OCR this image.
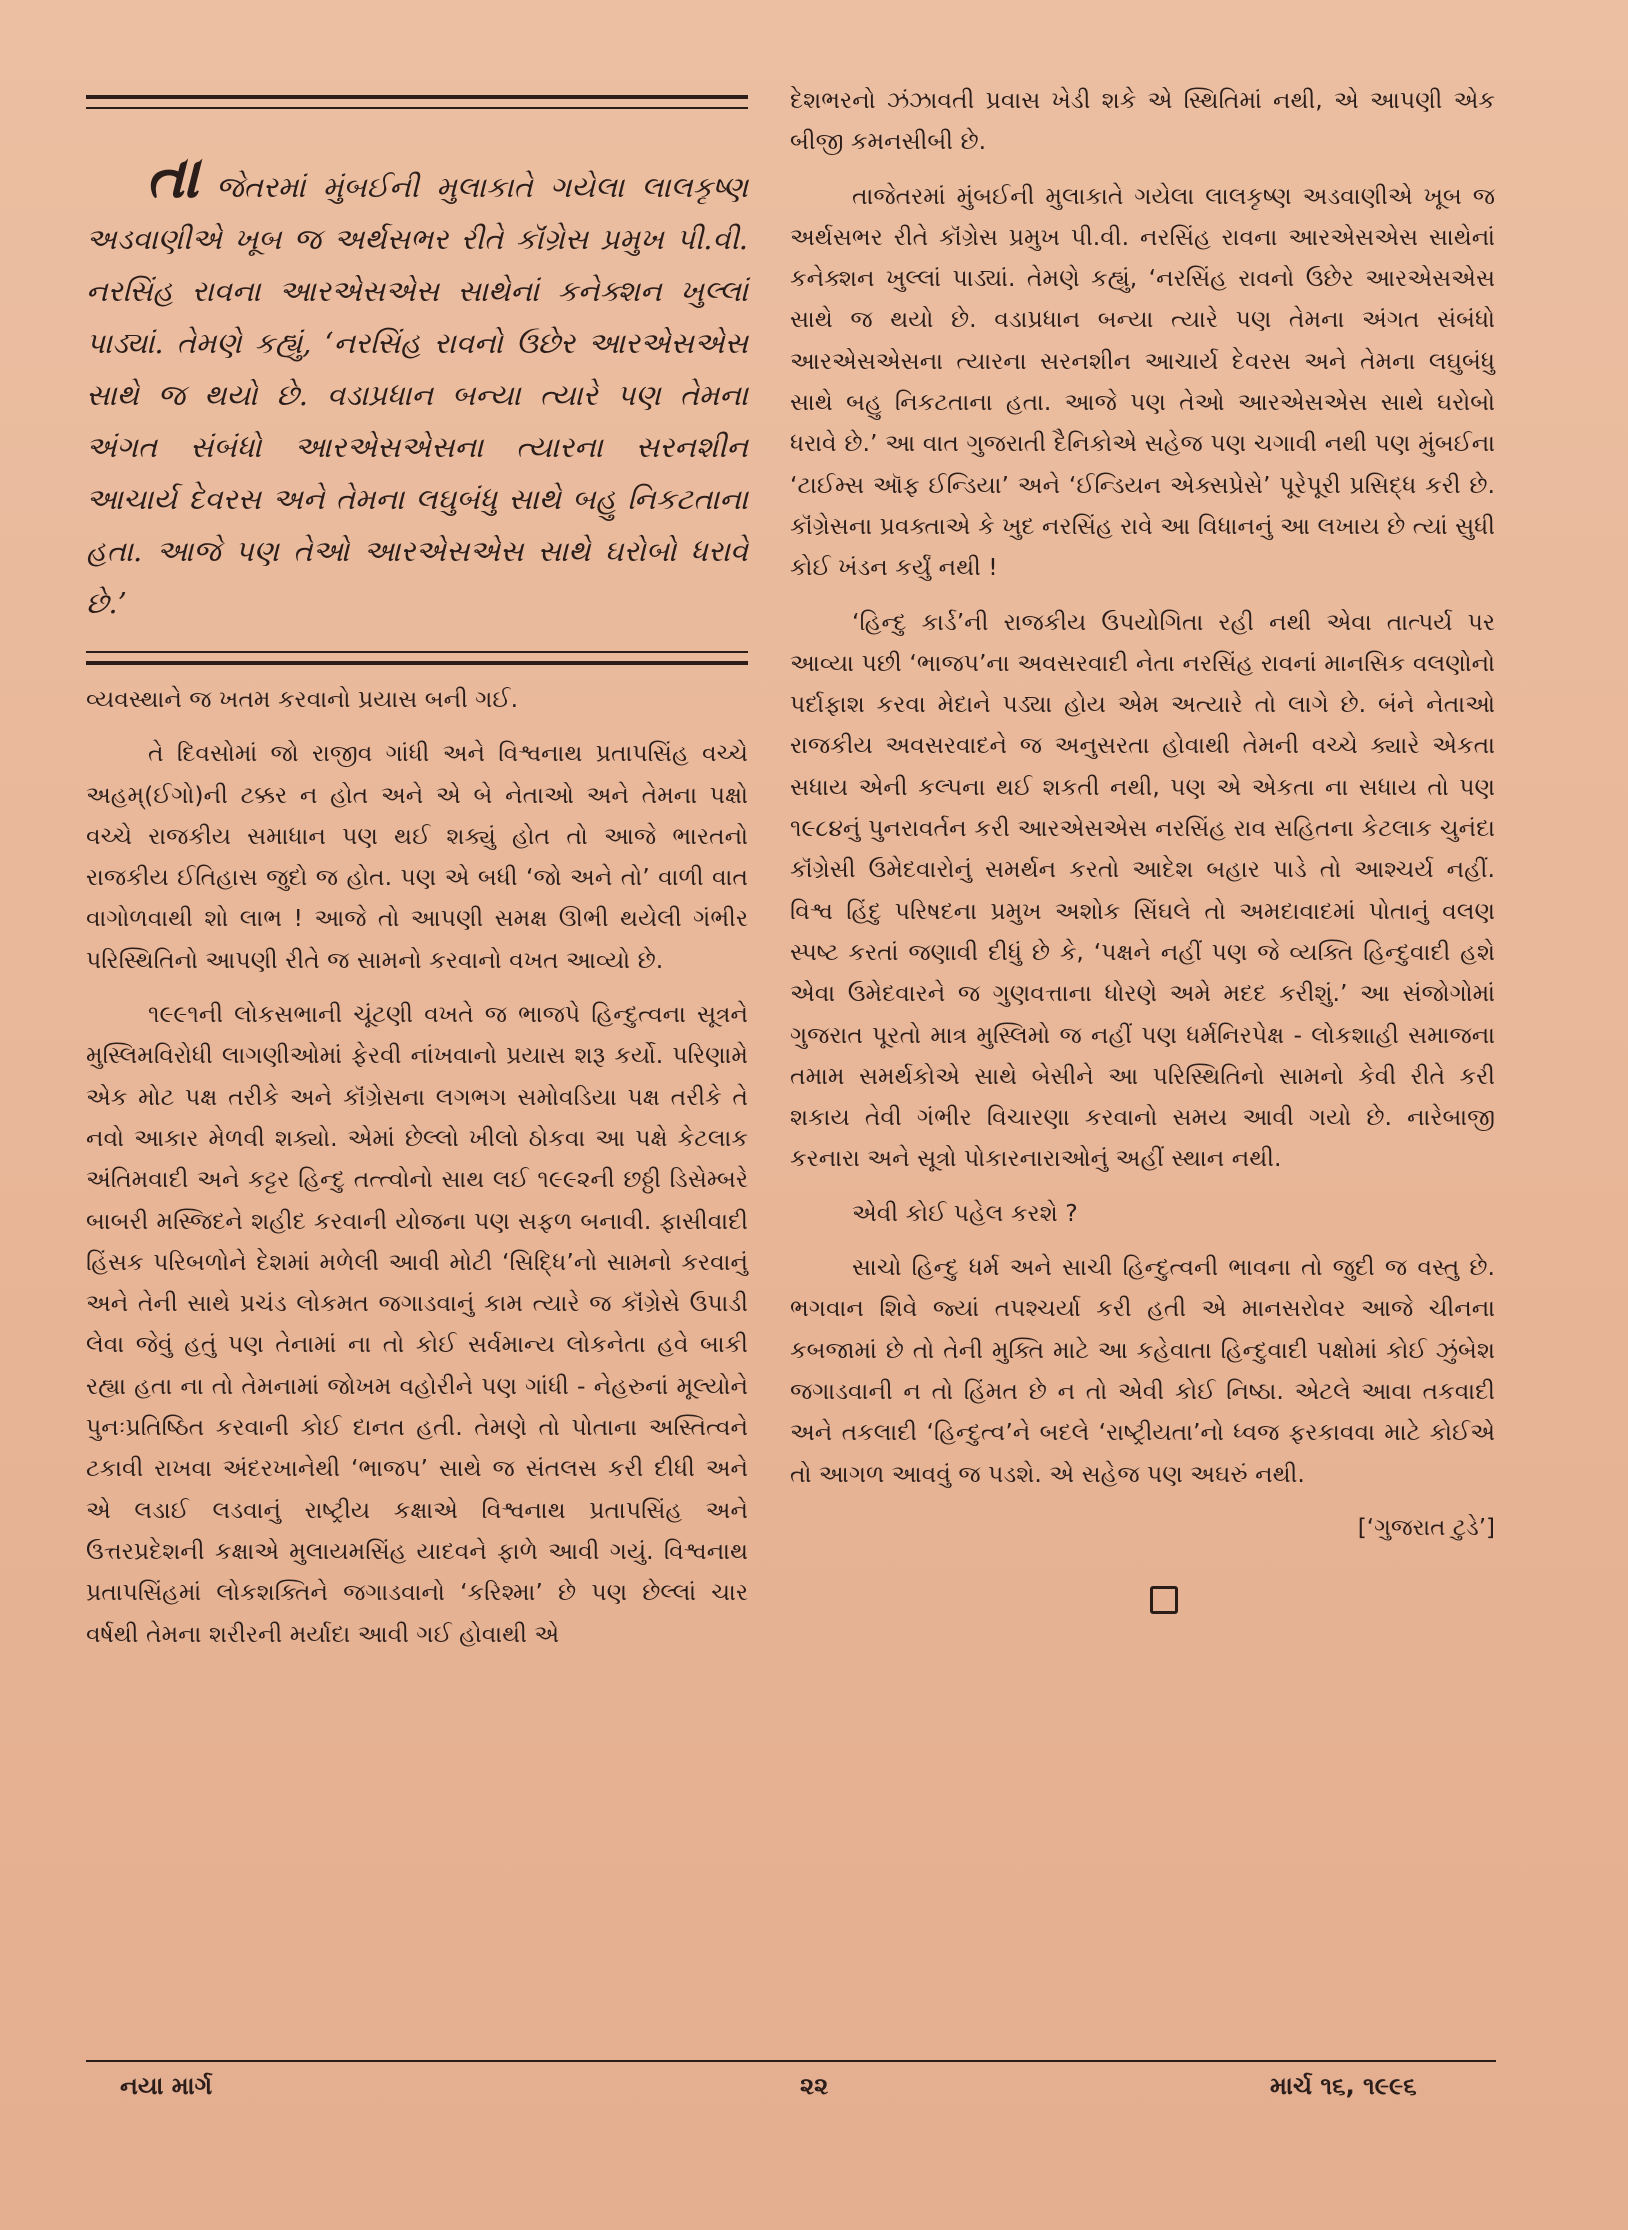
તા જેતરમાં મુંબઈની મુલાકાતે ગયેલા લાલકૃષ્ણ અડવાણીએ ખૂબ જ અર્થસભર રીતે કૉંગ્રેસ પ્રમુખ પી.વી. નરસિંહ રાવના આરએસએસ સાથેનાં કનેક્શન ખુલ્લાં પાડ્યાં. તેમણે કહ્યું, ‘નરસિંહ રાવનો ઉછેર આરએસએસ સાથે જ થયો છે. વડાપ્રધાન બન્યા ત્યારે પણ તેમના અંગત સંબંધો આરએસએસના ત્યારના સરનશીન આચાર્ય દેવરસ અને તેમના લઘુબંધુ સાથે બહુ નિકટતાના હતા. આજે પણ તેઓ આરએસએસ સાથે ઘરોબો ધરાવે છે.’

વ્યવસ્થાને જ ખતમ કરવાનો પ્રયાસ બની ગઈ.

તે દિવસોમાં જો રાજીવ ગાંધી અને વિશ્વનાથ પ્રતાપસિંહ વચ્ચે અહમ્(ઈગો)ની ટક્કર ન હોત અને એ બે નેતાઓ અને તેમના પક્ષો વચ્ચે રાજકીય સમાધાન પણ થઈ શક્યું હોત તો આજે ભારતનો રાજકીય ઈતિહાસ જુદો જ હોત. પણ એ બધી ‘જો અને તો’ વાળી વાત વાગોળવાથી શો લાભ ! આજે તો આપણી સમક્ષ ઊભી થયેલી ગંભીર પરિસ્થિતિનો આપણી રીતે જ સામનો કરવાનો વખત આવ્યો છે.

૧૯૯૧ની લોકસભાની ચૂંટણી વખતે જ ભાજપે હિન્દુત્વના સૂત્રને મુસ્લિમવિરોધી લાગણીઓમાં ફેરવી નાંખવાનો પ્રયાસ શરૂ કર્યો. પરિણામે એક મોટ પક્ષ તરીકે અને કૉંગ્રેસના લગભગ સમોવડિયા પક્ષ તરીકે તે નવો આકાર મેળવી શક્યો. એમાં છેલ્લો ખીલો ઠોકવા આ પક્ષે કેટલાક અંતિમવાદી અને કટ્ટર હિન્દુ તત્ત્વોનો સાથ લઈ ૧૯૯૨ની છઠ્ઠી ડિસેમ્બરે બાબરી મસ્જિદને શહીદ કરવાની યોજના પણ સફળ બનાવી. ફાસીવાદી હિંસક પરિબળોને દેશમાં મળેલી આવી મોટી ‘સિદ્ધિ’નો સામનો કરવાનું અને તેની સાથે પ્રચંડ લોકમત જગાડવાનું કામ ત્યારે જ કૉંગ્રેસે ઉપાડી લેવા જેવું હતું પણ તેનામાં ના તો કોઈ સર્વમાન્ય લોકનેતા હવે બાકી રહ્યા હતા ના તો તેમનામાં જોખમ વહોરીને પણ ગાંધી - નેહરુનાં મૂલ્યોને પુનઃપ્રતિષ્ઠિત કરવાની કોઈ દાનત હતી. તેમણે તો પોતાના અસ્તિત્વને ટકાવી રાખવા અંદરખાનેથી ‘ભાજપ’ સાથે જ સંતલસ કરી દીધી અને એ લડાઈ લડવાનું રાષ્ટ્રીય કક્ષાએ વિશ્વનાથ પ્રતાપસિંહ અને ઉત્તરપ્રદેશની કક્ષાએ મુલાયમસિંહ યાદવને ફાળે આવી ગયું. વિશ્વનાથ પ્રતાપસિંહમાં લોકશક્તિને જગાડવાનો ‘કરિશ્મા’ છે પણ છેલ્લાં ચાર વર્ષથી તેમના શરીરની મર્યાદા આવી ગઈ હોવાથી એ

દેશભરનો ઝંઝાવતી પ્રવાસ ખેડી શકે એ સ્થિતિમાં નથી, એ આપણી એક બીજી કમનસીબી છે.

તાજેતરમાં મુંબઈની મુલાકાતે ગયેલા લાલકૃષ્ણ અડવાણીએ ખૂબ જ અર્થસભર રીતે કૉંગ્રેસ પ્રમુખ પી.વી. નરસિંહ રાવના આરએસએસ સાથેનાં કનેક્શન ખુલ્લાં પાડ્યાં. તેમણે કહ્યું, ‘નરસિંહ રાવનો ઉછેર આરએસએસ સાથે જ થયો છે. વડાપ્રધાન બન્યા ત્યારે પણ તેમના અંગત સંબંધો આરએસએસના ત્યારના સરનશીન આચાર્ય દેવરસ અને તેમના લઘુબંધુ સાથે બહુ નિકટતાના હતા. આજે પણ તેઓ આરએસએસ સાથે ઘરોબો ધરાવે છે.’ આ વાત ગુજરાતી દૈનિકોએ સહેજ પણ ચગાવી નથી પણ મુંબઈના ‘ટાઈમ્સ ઑફ ઈન્ડિયા’ અને ‘ઈન્ડિયન એક્સપ્રેસે’ પૂરેપૂરી પ્રસિદ્ધ કરી છે. કૉંગ્રેસના પ્રવક્તાએ કે ખુદ નરસિંહ રાવે આ વિધાનનું આ લખાય છે ત્યાં સુધી કોઈ ખંડન કર્યું નથી !

‘હિન્દુ કાર્ડ’ની રાજકીય ઉપયોગિતા રહી નથી એવા તાત્પર્ય પર આવ્યા પછી ‘ભાજપ’ના અવસરવાદી નેતા નરસિંહ રાવનાં માનસિક વલણોનો પર્દાફાશ કરવા મેદાને પડ્યા હોય એમ અત્યારે તો લાગે છે. બંને નેતાઓ રાજકીય અવસરવાદને જ અનુસરતા હોવાથી તેમની વચ્ચે ક્યારે એકતા સધાય એની કલ્પના થઈ શકતી નથી, પણ એ એકતા ના સધાય તો પણ ૧૯૮૪નું પુનરાવર્તન કરી આરએસએસ નરસિંહ રાવ સહિતના કેટલાક ચુનંદા કૉંગ્રેસી ઉમેદવારોનું સમર્થન કરતો આદેશ બહાર પાડે તો આશ્ચર્ય નહીં. વિશ્વ હિંદુ પરિષદના પ્રમુખ અશોક સિંઘલે તો અમદાવાદમાં પોતાનું વલણ સ્પષ્ટ કરતાં જણાવી દીધું છે કે, ‘પક્ષને નહીં પણ જે વ્યક્તિ હિન્દુવાદી હશે એવા ઉમેદવારને જ ગુણવત્તાના ધોરણે અમે મદદ કરીશું.’ આ સંજોગોમાં ગુજરાત પૂરતો માત્ર મુસ્લિમો જ નહીં પણ ધર્મનિરપેક્ષ - લોકશાહી સમાજના તમામ સમર્થકોએ સાથે બેસીને આ પરિસ્થિતિનો સામનો કેવી રીતે કરી શકાય તેવી ગંભીર વિચારણા કરવાનો સમય આવી ગયો છે. નારેબાજી કરનારા અને સૂત્રો પોકારનારાઓનું અહીં સ્થાન નથી.

એવી કોઈ પહેલ કરશે ?

સાચો હિન્દુ ધર્મ અને સાચી હિન્દુત્વની ભાવના તો જુદી જ વસ્તુ છે. ભગવાન શિવે જ્યાં તપશ્ચર્યા કરી હતી એ માનસરોવર આજે ચીનના કબજામાં છે તો તેની મુક્તિ માટે આ કહેવાતા હિન્દુવાદી પક્ષોમાં કોઈ ઝુંબેશ જગાડવાની ન તો હિંમત છે ન તો એવી કોઈ નિષ્ઠા. એટલે આવા તકવાદી અને તકલાદી ‘હિન્દુત્વ’ને બદલે ‘રાષ્ટ્રીયતા’નો ધ્વજ ફરકાવવા માટે કોઈએ તો આગળ આવવું જ પડશે. એ સહેજ પણ અઘરું નથી.

[‘ગુજરાત ટુડે’]

નયા માર્ગ	૨૨	માર્ચ ૧૬, ૧૯૯૬
